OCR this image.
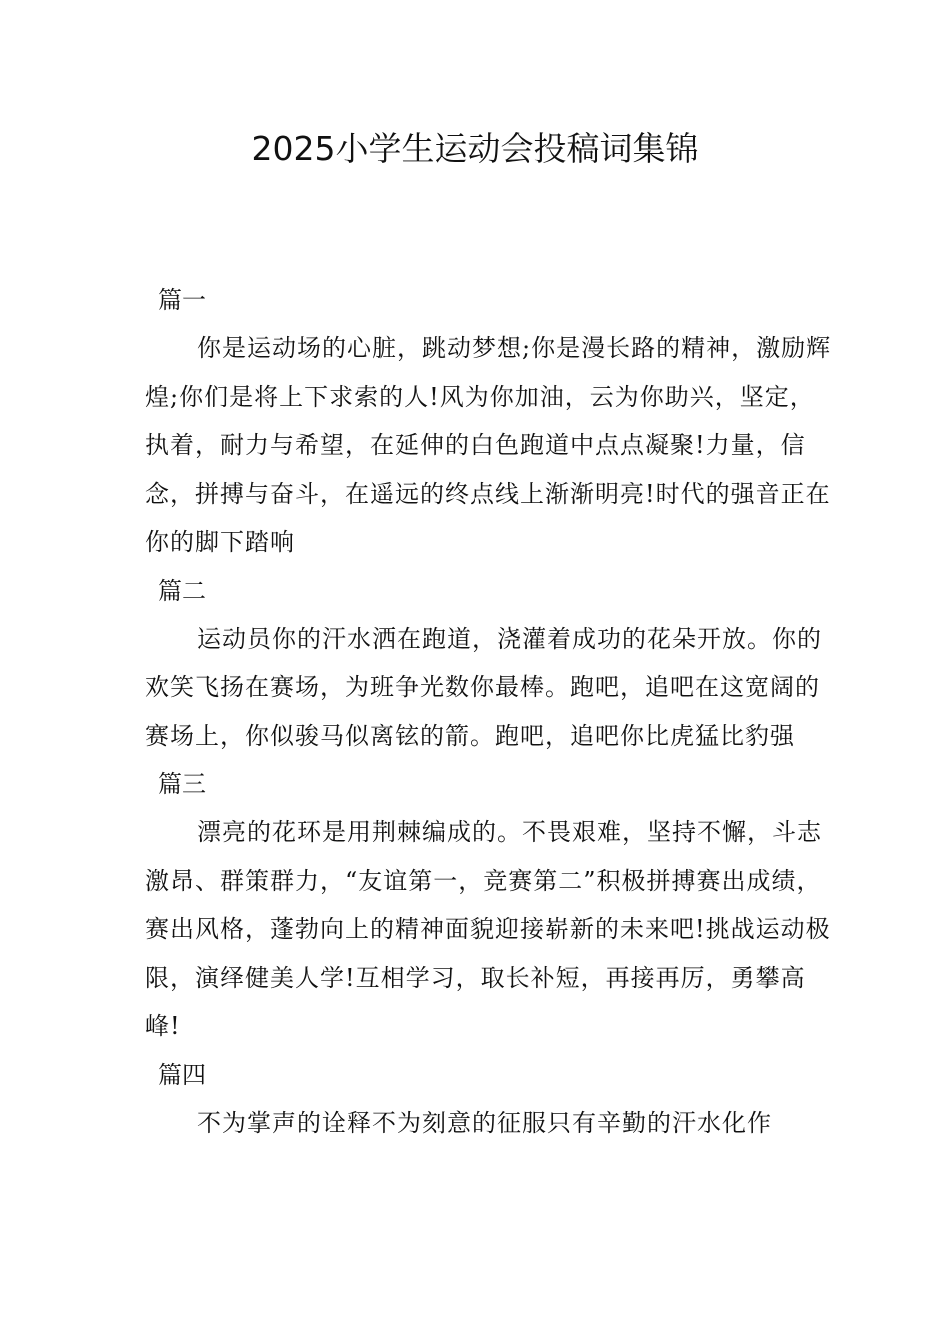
2025小学生运动会投稿词集锦

篇一

你是运动场的心脏，跳动梦想;你是漫长路的精神，激励辉煌;你们是将上下求索的人!风为你加油，云为你助兴，坚定，执着，耐力与希望，在延伸的白色跑道中点点凝聚!力量，信念，拼搏与奋斗，在遥远的终点线上渐渐明亮!时代的强音正在你的脚下踏响

篇二

运动员你的汗水洒在跑道，浇灌着成功的花朵开放。你的欢笑飞扬在赛场，为班争光数你最棒。跑吧，追吧在这宽阔的赛场上，你似骏马似离铉的箭。跑吧，追吧你比虎猛比豹强

篇三

漂亮的花环是用荆棘编成的。不畏艰难，坚持不懈，斗志激昂、群策群力，“友谊第一，竞赛第二”积极拼搏赛出成绩，赛出风格，蓬勃向上的精神面貌迎接崭新的未来吧!挑战运动极限，演绎健美人学!互相学习，取长补短，再接再厉，勇攀高峰!

篇四

不为掌声的诠释不为刻意的征服只有辛勤的汗水化作
